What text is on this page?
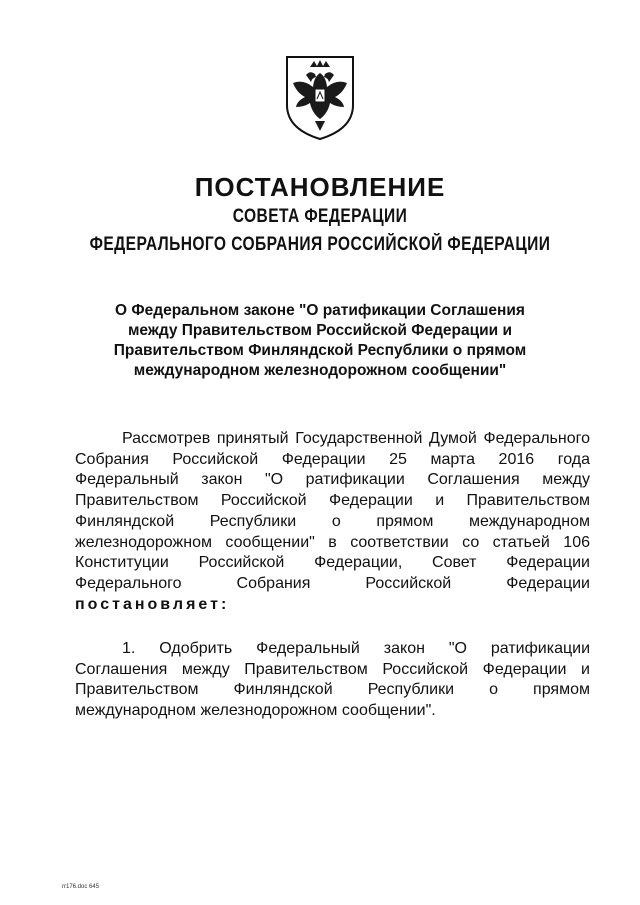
ПОСТАНОВЛЕНИЕ
СОВЕТА ФЕДЕРАЦИИ
ФЕДЕРАЛЬНОГО СОБРАНИЯ РОССИЙСКОЙ ФЕДЕРАЦИИ
О Федеральном законе "О ратификации Соглашения
между Правительством Российской Федерации и
Правительством Финляндской Республики о прямом
международном железнодорожном сообщении"
Рассмотрев принятый Государственной Думой Федерального
Собрания Российской Федерации 25 марта 2016 года
Федеральный закон "О ратификации Соглашения между
Правительством Российской Федерации и Правительством
Финляндской Республики о прямом международном
железнодорожном сообщении" в соответствии со статьей 106
Конституции Российской Федерации, Совет Федерации
Федерального Собрания Российской Федерации
постановляет:
1. Одобрить Федеральный закон "О ратификации
Соглашения между Правительством Российской Федерации и
Правительством Финляндской Республики о прямом
международном железнодорожном сообщении".
rr176.doc 645
